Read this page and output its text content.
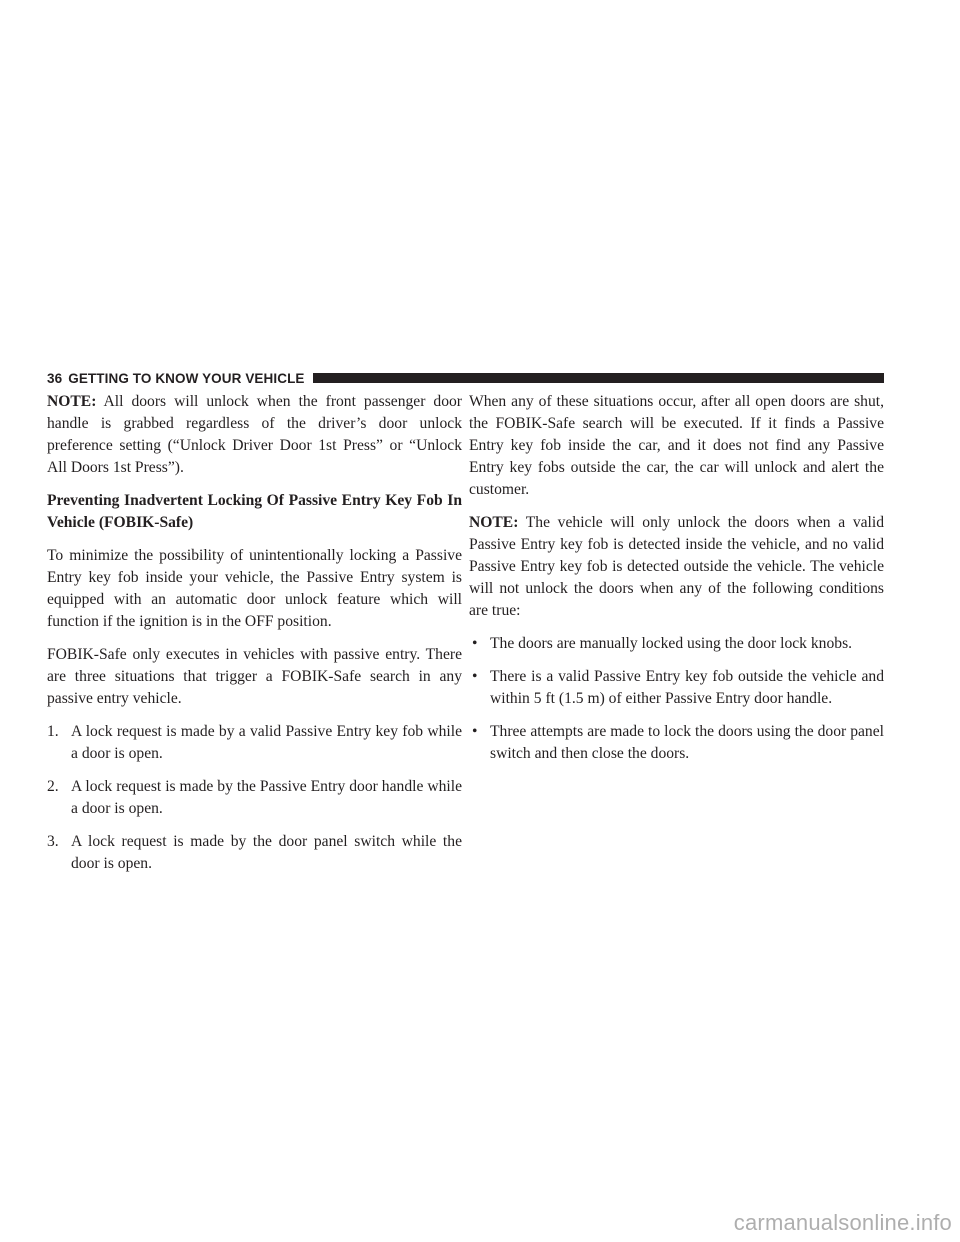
36 GETTING TO KNOW YOUR VEHICLE

NOTE: All doors will unlock when the front passenger door handle is grabbed regardless of the driver’s door unlock preference setting (“Unlock Driver Door 1st Press” or “Unlock All Doors 1st Press”).

Preventing Inadvertent Locking Of Passive Entry Key Fob In Vehicle (FOBIK-Safe)

To minimize the possibility of unintentionally locking a Passive Entry key fob inside your vehicle, the Passive Entry system is equipped with an automatic door unlock feature which will function if the ignition is in the OFF position.

FOBIK-Safe only executes in vehicles with passive entry. There are three situations that trigger a FOBIK-Safe search in any passive entry vehicle.

1. A lock request is made by a valid Passive Entry key fob while a door is open.
2. A lock request is made by the Passive Entry door handle while a door is open.
3. A lock request is made by the door panel switch while the door is open.

When any of these situations occur, after all open doors are shut, the FOBIK-Safe search will be executed. If it finds a Passive Entry key fob inside the car, and it does not find any Passive Entry key fobs outside the car, the car will unlock and alert the customer.

NOTE: The vehicle will only unlock the doors when a valid Passive Entry key fob is detected inside the vehicle, and no valid Passive Entry key fob is detected outside the vehicle. The vehicle will not unlock the doors when any of the following conditions are true:

• The doors are manually locked using the door lock knobs.
• There is a valid Passive Entry key fob outside the vehicle and within 5 ft (1.5 m) of either Passive Entry door handle.
• Three attempts are made to lock the doors using the door panel switch and then close the doors.
carmanualsonline.info
